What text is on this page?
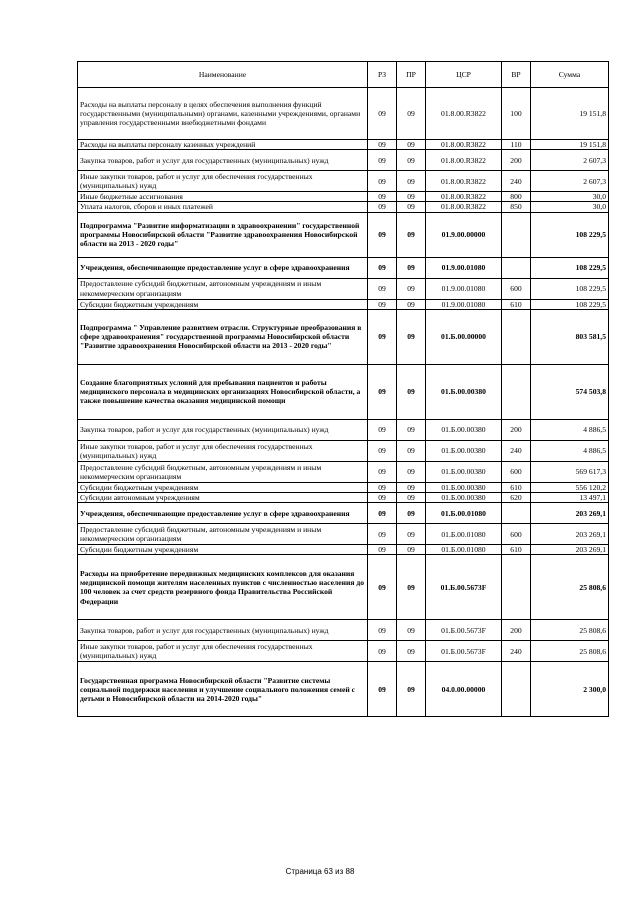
Наименование	РЗ	ПР	ЦСР	ВР	Сумма
Расходы на выплаты персоналу в целях обеспечения выполнения функций государственными (муниципальными) органами, казенными учреждениями, органами управления государственными внебюджетными фондами	09	09	01.8.00.R3822	100	19 151,8
Расходы на выплаты персоналу казенных учреждений	09	09	01.8.00.R3822	110	19 151,8
Закупка товаров, работ и услуг для государственных (муниципальных) нужд	09	09	01.8.00.R3822	200	2 607,3
Иные закупки товаров, работ и услуг для обеспечения государственных (муниципальных) нужд	09	09	01.8.00.R3822	240	2 607,3
Иные бюджетные ассигнования	09	09	01.8.00.R3822	800	30,0
Уплата налогов, сборов и иных платежей	09	09	01.8.00.R3822	850	30,0
Подпрограмма "Развитие информатизации в здравоохранении" государственной программы Новосибирской области "Развитие здравоохранения Новосибирской области на 2013 - 2020 годы"	09	09	01.9.00.00000		108 229,5
Учреждения, обеспечивающие предоставление услуг в сфере здравоохранения	09	09	01.9.00.01080		108 229,5
Предоставление субсидий бюджетным, автономным учреждениям и иным некоммерческим организациям	09	09	01.9.00.01080	600	108 229,5
Субсидии бюджетным учреждениям	09	09	01.9.00.01080	610	108 229,5
Подпрограмма " Управление развитием отрасли. Структурные преобразования в сфере здравоохранения" государственной программы Новосибирской области "Развитие здравоохранения Новосибирской области на 2013 - 2020 годы"	09	09	01.Б.00.00000		803 581,5
Создание благоприятных условий для пребывания пациентов и работы медицинского персонала в медицинских организациях Новосибирской области, а также повышение качества оказания медицинской помощи	09	09	01.Б.00.00380		574 503,8
Закупка товаров, работ и услуг для государственных (муниципальных) нужд	09	09	01.Б.00.00380	200	4 886,5
Иные закупки товаров, работ и услуг для обеспечения государственных (муниципальных) нужд	09	09	01.Б.00.00380	240	4 886,5
Предоставление субсидий бюджетным, автономным учреждениям и иным некоммерческим организациям	09	09	01.Б.00.00380	600	569 617,3
Субсидии бюджетным учреждениям	09	09	01.Б.00.00380	610	556 120,2
Субсидии автономным учреждениям	09	09	01.Б.00.00380	620	13 497,1
Учреждения, обеспечивающие предоставление услуг в сфере здравоохранения	09	09	01.Б.00.01080		203 269,1
Предоставление субсидий бюджетным, автономным учреждениям и иным некоммерческим организациям	09	09	01.Б.00.01080	600	203 269,1
Субсидии бюджетным учреждениям	09	09	01.Б.00.01080	610	203 269,1
Расходы на приобретение передвижных медицинских комплексов для оказания медицинской помощи жителям населенных пунктов с численностью населения до 100 человек за счет средств резервного фонда Правительства Российской Федерации	09	09	01.Б.00.5673F		25 808,6
Закупка товаров, работ и услуг для государственных (муниципальных) нужд	09	09	01.Б.00.5673F	200	25 808,6
Иные закупки товаров, работ и услуг для обеспечения государственных (муниципальных) нужд	09	09	01.Б.00.5673F	240	25 808,6
Государственная программа Новосибирской области "Развитие системы социальной поддержки населения и улучшение социального положения семей с детьми в Новосибирской области на 2014-2020 годы"	09	09	04.0.00.00000		2 300,0
Страница 63 из 88
